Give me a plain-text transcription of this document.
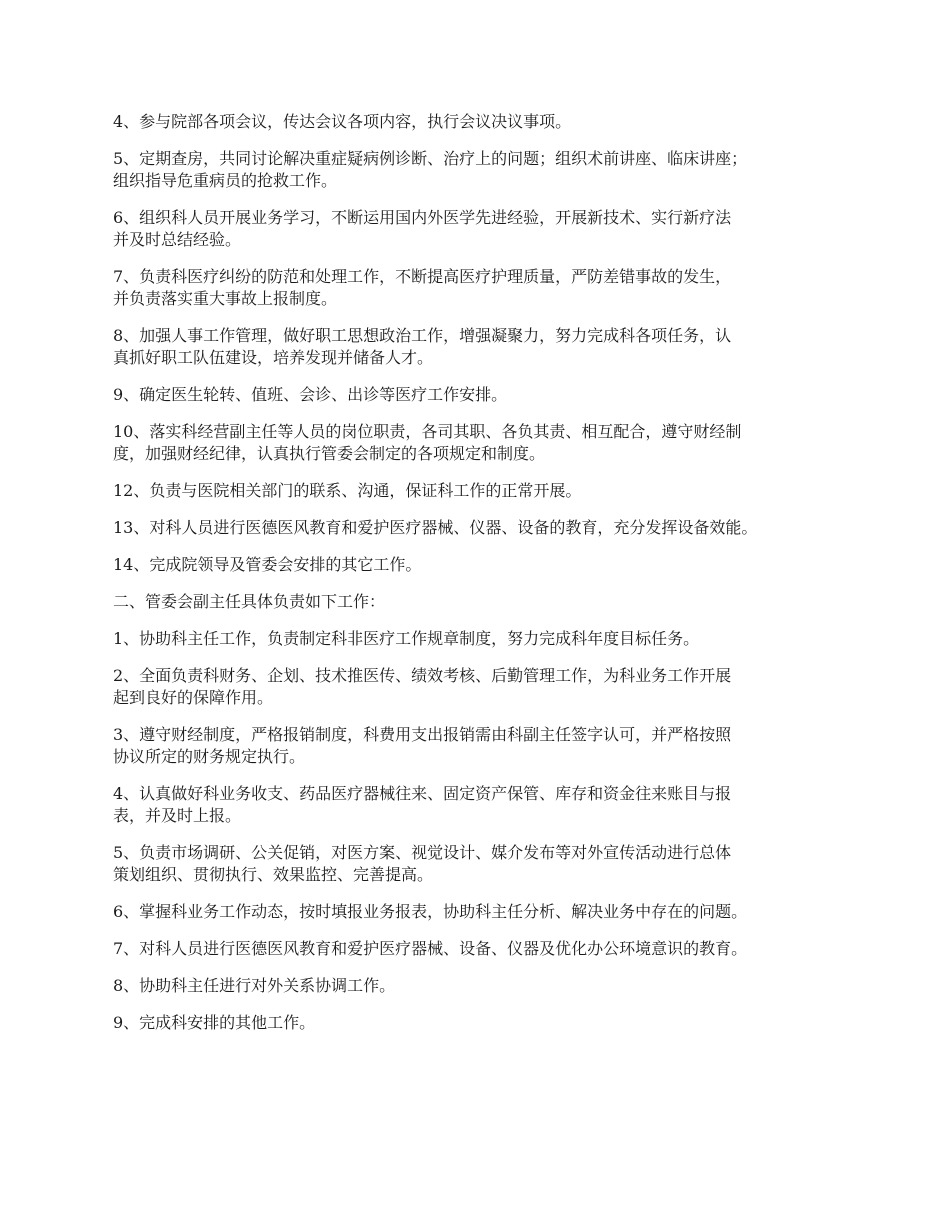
4、参与院部各项会议，传达会议各项内容，执行会议决议事项。

5、定期查房，共同讨论解决重症疑病例诊断、治疗上的问题；组织术前讲座、临床讲座；
组织指导危重病员的抢救工作。

6、组织科人员开展业务学习，不断运用国内外医学先进经验，开展新技术、实行新疗法
并及时总结经验。

7、负责科医疗纠纷的防范和处理工作，不断提高医疗护理质量，严防差错事故的发生，
并负责落实重大事故上报制度。

8、加强人事工作管理，做好职工思想政治工作，增强凝聚力，努力完成科各项任务，认
真抓好职工队伍建设，培养发现并储备人才。

9、确定医生轮转、值班、会诊、出诊等医疗工作安排。

10、落实科经营副主任等人员的岗位职责，各司其职、各负其责、相互配合，遵守财经制
度，加强财经纪律，认真执行管委会制定的各项规定和制度。

12、负责与医院相关部门的联系、沟通，保证科工作的正常开展。

13、对科人员进行医德医风教育和爱护医疗器械、仪器、设备的教育，充分发挥设备效能。

14、完成院领导及管委会安排的其它工作。

二、管委会副主任具体负责如下工作：

1、协助科主任工作，负责制定科非医疗工作规章制度，努力完成科年度目标任务。

2、全面负责科财务、企划、技术推医传、绩效考核、后勤管理工作，为科业务工作开展
起到良好的保障作用。

3、遵守财经制度，严格报销制度，科费用支出报销需由科副主任签字认可，并严格按照
协议所定的财务规定执行。

4、认真做好科业务收支、药品医疗器械往来、固定资产保管、库存和资金往来账目与报
表，并及时上报。

5、负责市场调研、公关促销，对医方案、视觉设计、媒介发布等对外宣传活动进行总体
策划组织、贯彻执行、效果监控、完善提高。

6、掌握科业务工作动态，按时填报业务报表，协助科主任分析、解决业务中存在的问题。

7、对科人员进行医德医风教育和爱护医疗器械、设备、仪器及优化办公环境意识的教育。

8、协助科主任进行对外关系协调工作。

9、完成科安排的其他工作。
